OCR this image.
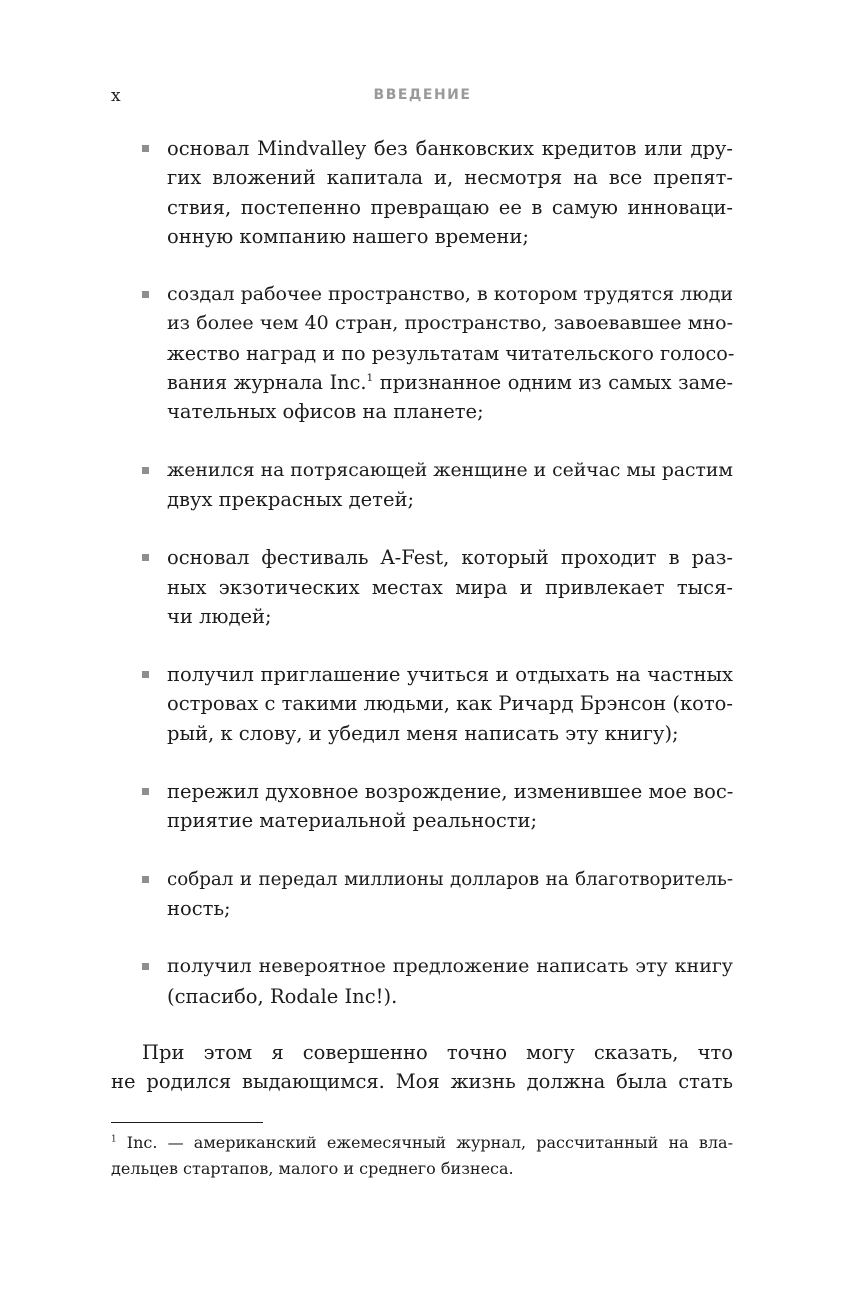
x	ВВЕДЕНИЕ
основал Mindvalley без банковских кредитов или дру-
гих вложений капитала и, несмотря на все препят-
ствия, постепенно превращаю ее в самую инноваци-
онную компанию нашего времени;
создал рабочее пространство, в котором трудятся люди
из более чем 40 стран, пространство, завоевавшее мно-
жество наград и по результатам читательского голосо-
вания журнала Inc.$^1$ признанное одним из самых заме-
чательных офисов на планете;
женился на потрясающей женщине и сейчас мы растим
двух прекрасных детей;
основал фестиваль A-Fest, который проходит в раз-
ных экзотических местах мира и привлекает тыся-
чи людей;
получил приглашение учиться и отдыхать на частных
островах с такими людьми, как Ричард Брэнсон (кото-
рый, к слову, и убедил меня написать эту книгу);
пережил духовное возрождение, изменившее мое вос-
приятие материальной реальности;
собрал и передал миллионы долларов на благотворитель-
ность;
получил невероятное предложение написать эту книгу
(спасибо, Rodale Inc!).
При этом я совершенно точно могу сказать, что
не родился выдающимся. Моя жизнь должна была стать
$^1$ Inc. — американский ежемесячный журнал, рассчитанный на вла-
дельцев стартапов, малого и среднего бизнеса.
